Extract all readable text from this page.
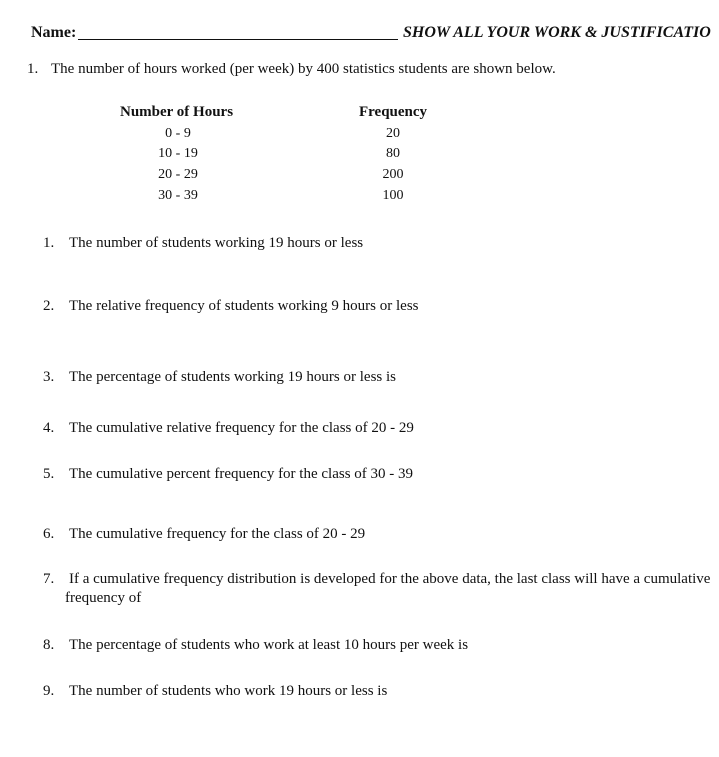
Name:	SHOW ALL YOUR WORK & JUSTIFICATIO
1. The number of hours worked (per week) by 400 statistics students are shown below.
Number of Hours	Frequency
0 - 9	20
10 - 19	80
20 - 29	200
30 - 39	100
1. The number of students working 19 hours or less
2. The relative frequency of students working 9 hours or less
3. The percentage of students working 19 hours or less is
4. The cumulative relative frequency for the class of 20 - 29
5. The cumulative percent frequency for the class of 30 - 39
6. The cumulative frequency for the class of 20 - 29
7. If a cumulative frequency distribution is developed for the above data, the last class will have a cumulative
frequency of
8. The percentage of students who work at least 10 hours per week is
9. The number of students who work 19 hours or less is
